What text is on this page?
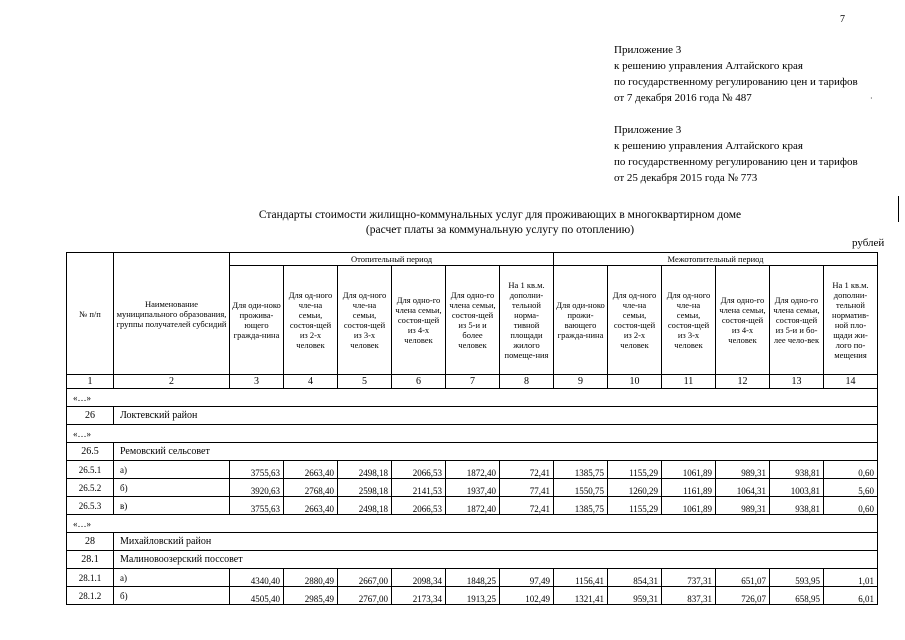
7
·
Приложение 3
к решению управления Алтайского края
по государственному регулированию цен и тарифов
от 7 декабря 2016 года № 487
Приложение 3
к решению управления Алтайского края
по государственному регулированию цен и тарифов
от 25 декабря 2015 года № 773
Стандарты стоимости жилищно-коммунальных услуг для проживающих в многоквартирном доме
(расчет платы за коммунальную услугу по отоплению)
рублей
№ п/п	Наименование муниципального образования, группы получателей субсидий	Отопительный период						Межотопительный период					
		Для оди-ноко прожива-ющего гражда-нина	Для од-ного чле-на семьи, состоя-щей из 2-х человек	Для од-ного чле-на семьи, состоя-щей из 3-х человек	Для одно-го члена семьи, состоя-щей из 4-х человек	Для одно-го члена семьи, состоя-щей из 5-и и более человек	На 1 кв.м. дополни-тельной норма-тивной площади жилого помеще-ния	Для оди-ноко прожи-вающего гражда-нина	Для од-ного чле-на семьи, состоя-щей из 2-х человек	Для од-ного чле-на семьи, состоя-щей из 3-х человек	Для одно-го члена семьи, состоя-щей из 4-х человек	Для одно-го члена семьи, состоя-щей из 5-и и бо-лее чело-век	На 1 кв.м. дополни-тельной норматив-ной пло-щади жи-лого по-мещения
1	2	3	4	5	6	7	8	9	10	11	12	13	14
«…»													
26	Локтевский район												
«…»													
26.5	Ремовский сельсовет												
26.5.1	а)	3755,63	2663,40	2498,18	2066,53	1872,40	72,41	1385,75	1155,29	1061,89	989,31	938,81	0,60
26.5.2	б)	3920,63	2768,40	2598,18	2141,53	1937,40	77,41	1550,75	1260,29	1161,89	1064,31	1003,81	5,60
26.5.3	в)	3755,63	2663,40	2498,18	2066,53	1872,40	72,41	1385,75	1155,29	1061,89	989,31	938,81	0,60
«…»													
28	Михайловский район												
28.1	Малиновоозерский поссовет												
28.1.1	а)	4340,40	2880,49	2667,00	2098,34	1848,25	97,49	1156,41	854,31	737,31	651,07	593,95	1,01
28.1.2	б)	4505,40	2985,49	2767,00	2173,34	1913,25	102,49	1321,41	959,31	837,31	726,07	658,95	6,01
